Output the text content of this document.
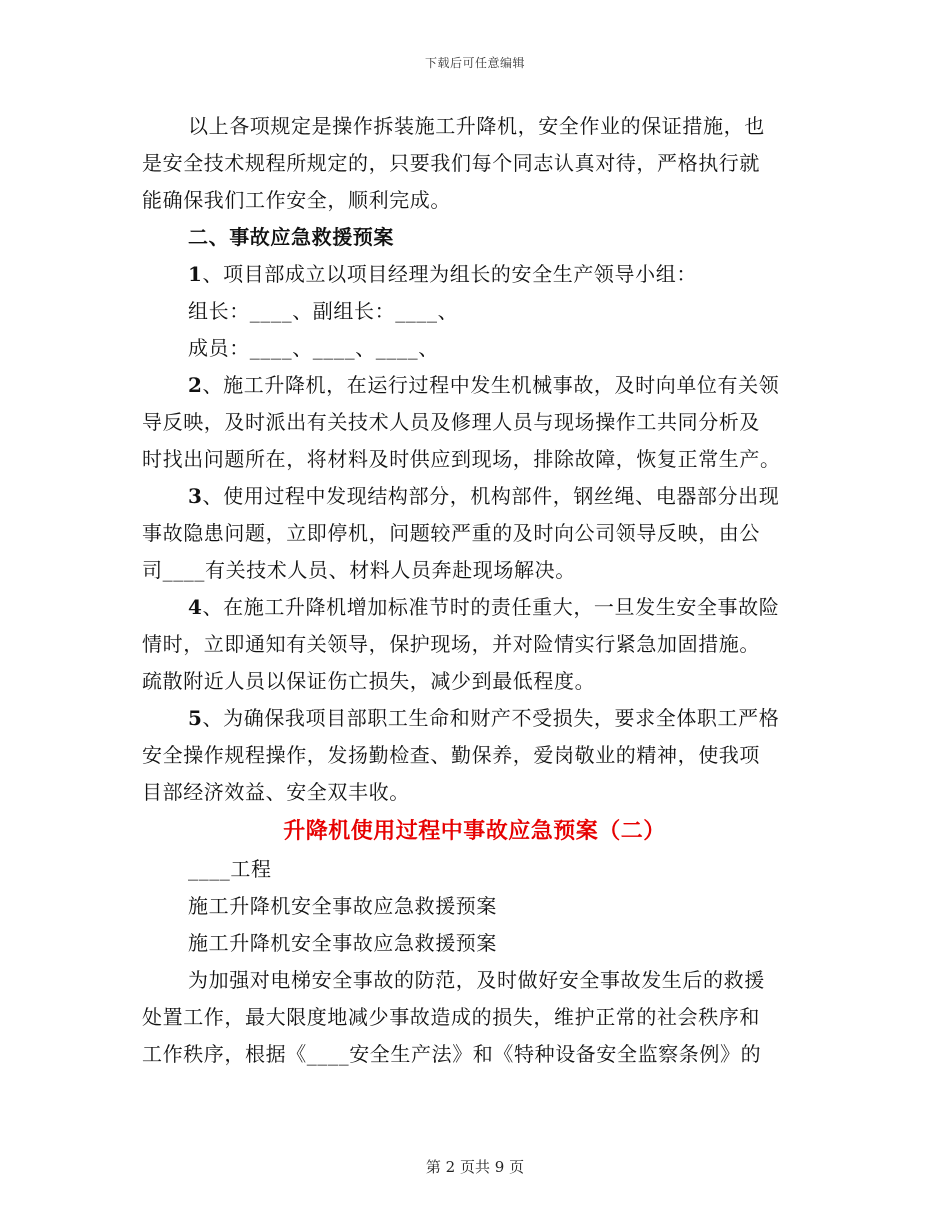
下载后可任意编辑
以上各项规定是操作拆装施工升降机，安全作业的保证措施，也
是安全技术规程所规定的，只要我们每个同志认真对待，严格执行就
能确保我们工作安全，顺利完成。
二、事故应急救援预案
1、项目部成立以项目经理为组长的安全生产领导小组：
组长：____、副组长：____、
成员：____、____、____、
2、施工升降机，在运行过程中发生机械事故，及时向单位有关领
导反映，及时派出有关技术人员及修理人员与现场操作工共同分析及
时找出问题所在，将材料及时供应到现场，排除故障，恢复正常生产。
3、使用过程中发现结构部分，机构部件，钢丝绳、电器部分出现
事故隐患问题，立即停机，问题较严重的及时向公司领导反映，由公
司____有关技术人员、材料人员奔赴现场解决。
4、在施工升降机增加标准节时的责任重大，一旦发生安全事故险
情时，立即通知有关领导，保护现场，并对险情实行紧急加固措施。
疏散附近人员以保证伤亡损失，减少到最低程度。
5、为确保我项目部职工生命和财产不受损失，要求全体职工严格
安全操作规程操作，发扬勤检查、勤保养，爱岗敬业的精神，使我项
目部经济效益、安全双丰收。
升降机使用过程中事故应急预案（二）
____工程
施工升降机安全事故应急救援预案
施工升降机安全事故应急救援预案
为加强对电梯安全事故的防范，及时做好安全事故发生后的救援
处置工作，最大限度地减少事故造成的损失，维护正常的社会秩序和
工作秩序，根据《____安全生产法》和《特种设备安全监察条例》的
第 2 页共 9 页
